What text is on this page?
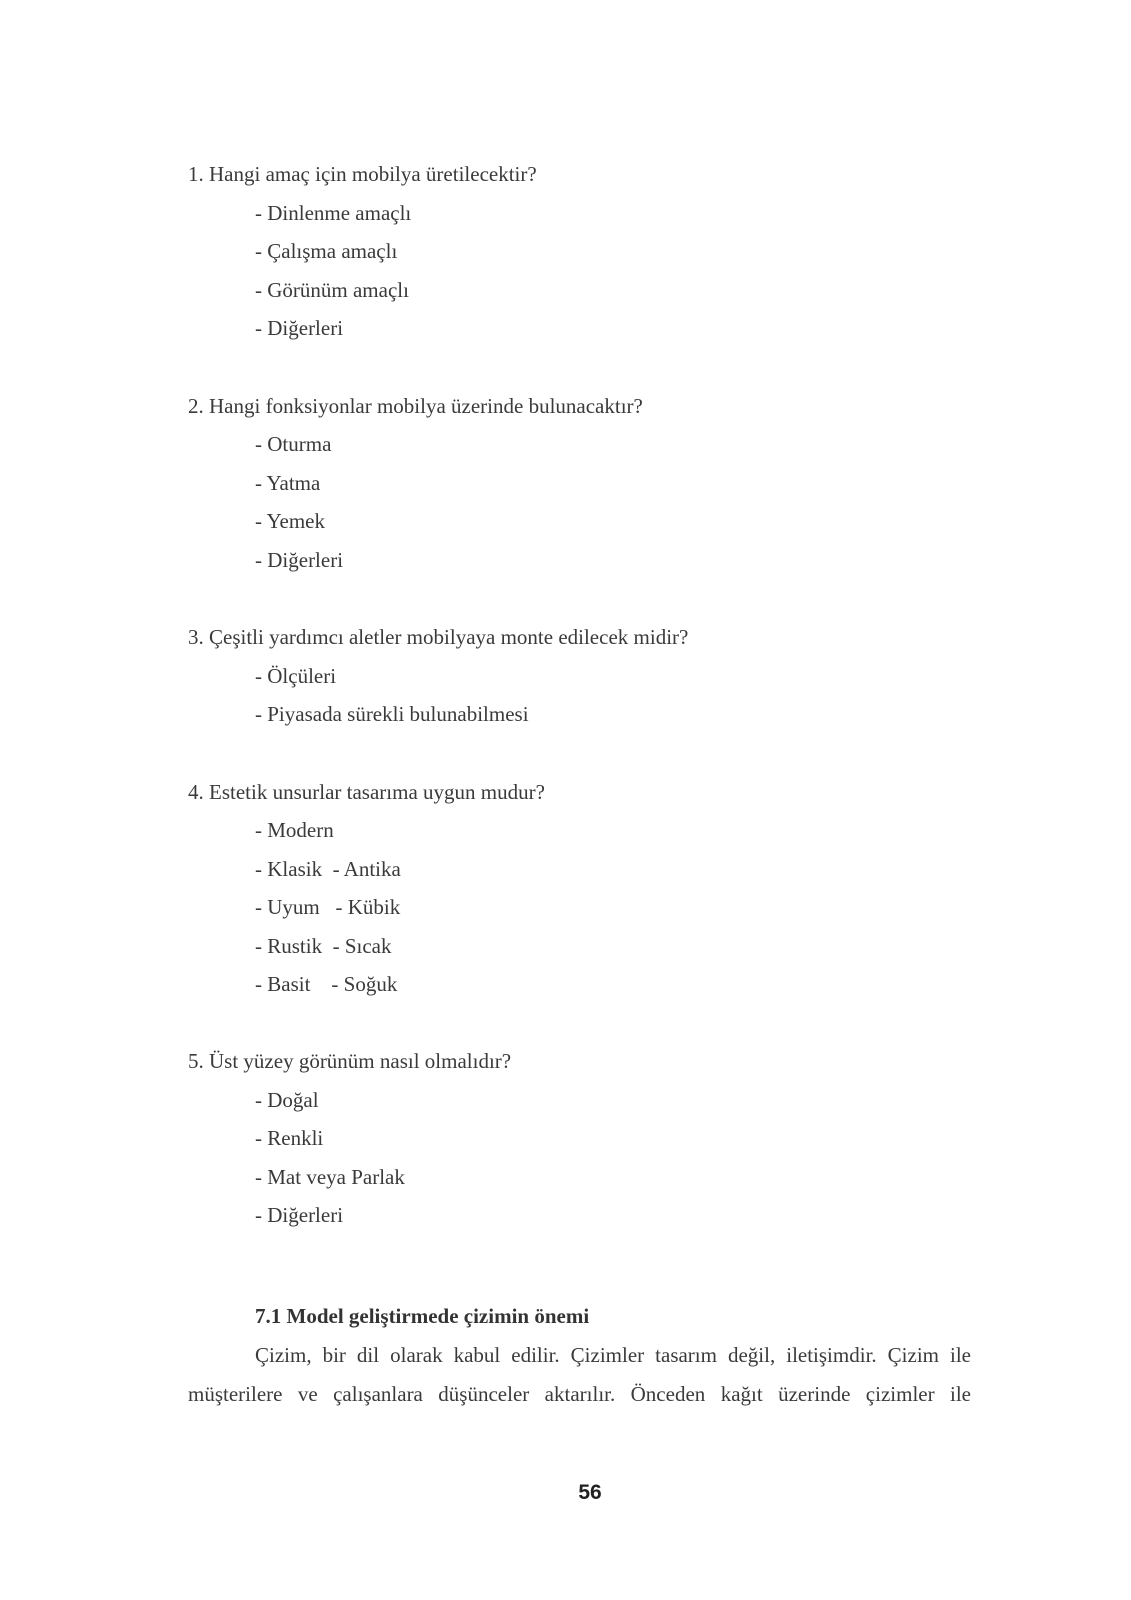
1. Hangi amaç için mobilya üretilecektir?
- Dinlenme amaçlı
- Çalışma amaçlı
- Görünüm amaçlı
- Diğerleri
2. Hangi fonksiyonlar mobilya üzerinde bulunacaktır?
- Oturma
- Yatma
- Yemek
- Diğerleri
3. Çeşitli yardımcı aletler mobilyaya monte edilecek midir?
- Ölçüleri
- Piyasada sürekli bulunabilmesi
4. Estetik unsurlar tasarıma uygun mudur?
- Modern
- Klasik  - Antika
- Uyum   - Kübik
- Rustik  - Sıcak
- Basit    - Soğuk
5. Üst yüzey görünüm nasıl olmalıdır?
- Doğal
- Renkli
- Mat veya Parlak
- Diğerleri
7.1 Model geliştirmede çizimin önemi
Çizim, bir dil olarak kabul edilir. Çizimler tasarım değil, iletişimdir. Çizim ile
müşterilere ve çalışanlara düşünceler aktarılır. Önceden kağıt üzerinde çizimler ile
56
